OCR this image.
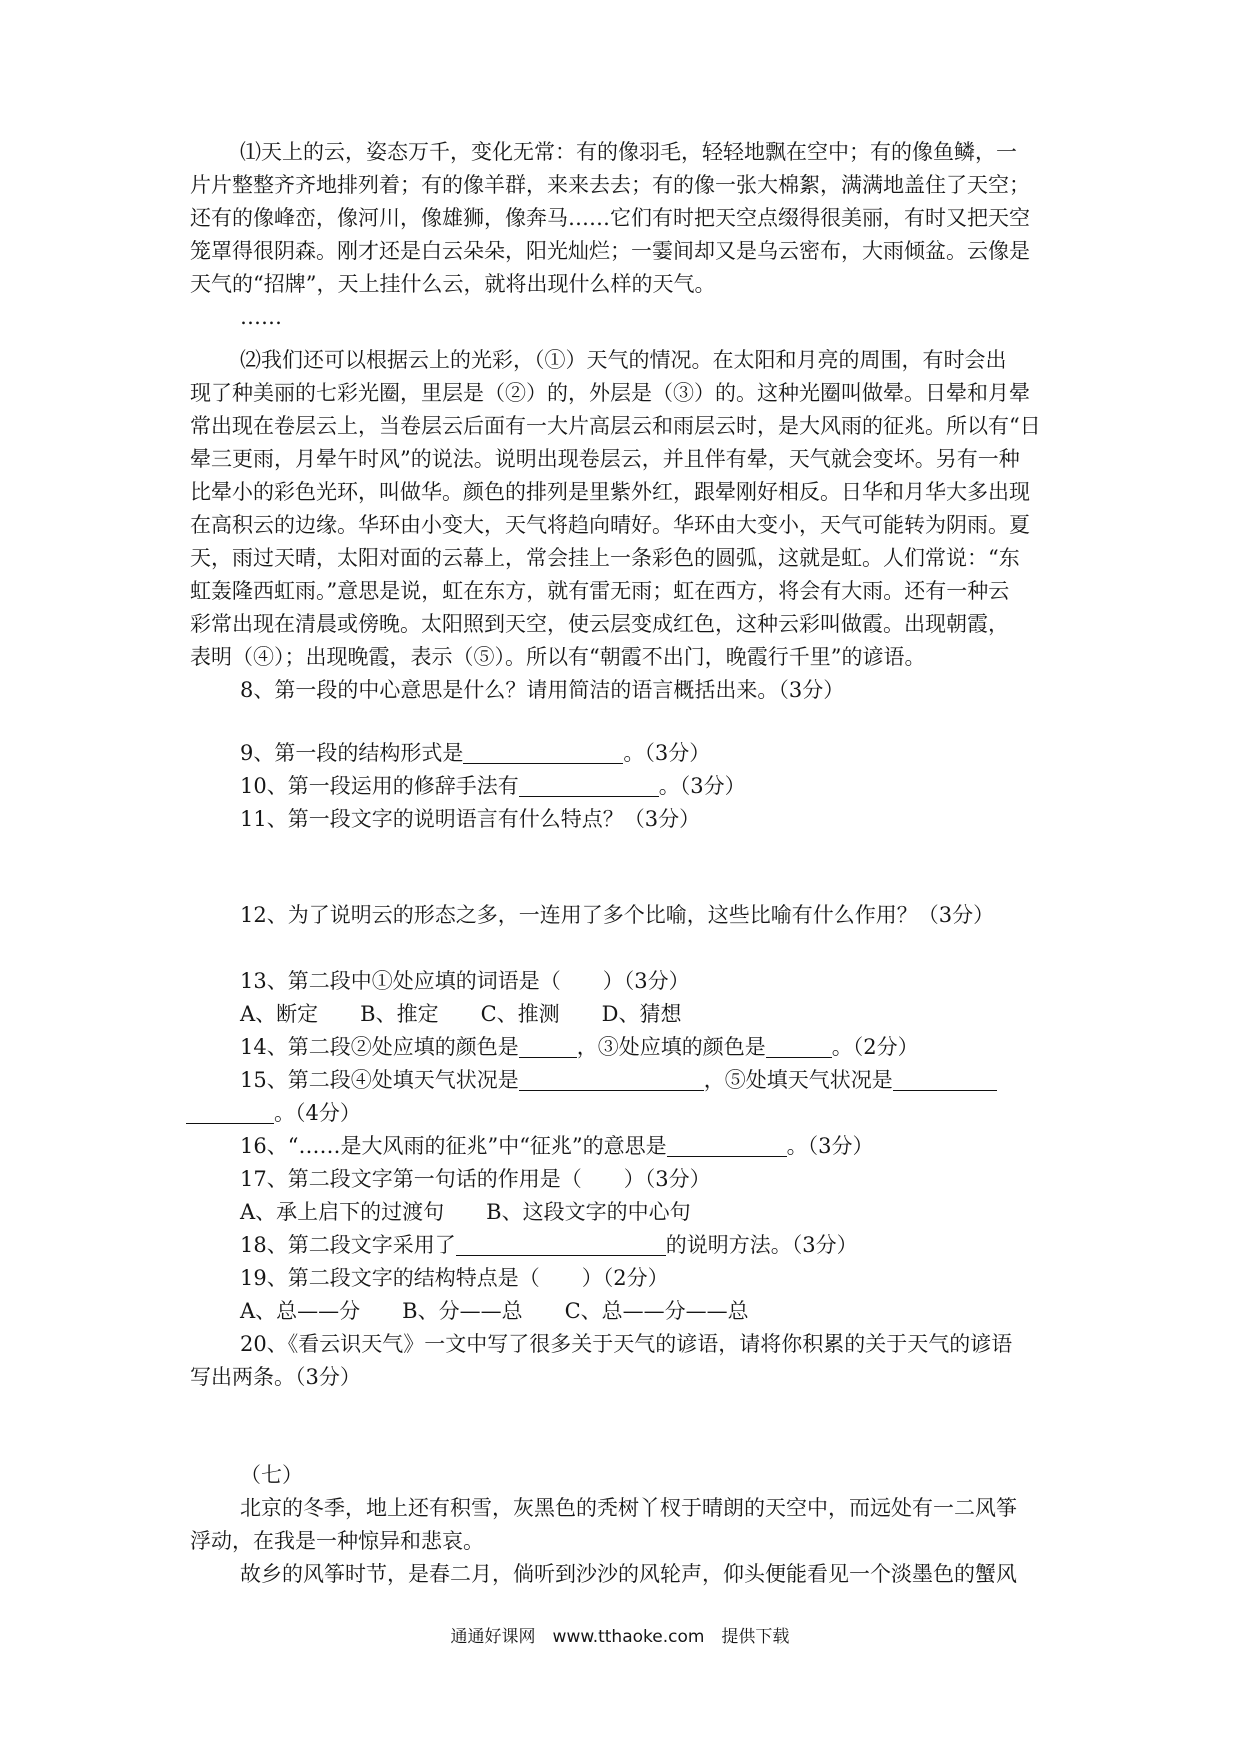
⑴天上的云，姿态万千，变化无常：有的像羽毛，轻轻地飘在空中；有的像鱼鳞，一

片片整整齐齐地排列着；有的像羊群，来来去去；有的像一张大棉絮，满满地盖住了天空；

还有的像峰峦，像河川，像雄狮，像奔马……它们有时把天空点缀得很美丽，有时又把天空

笼罩得很阴森。刚才还是白云朵朵，阳光灿烂；一霎间却又是乌云密布，大雨倾盆。云像是

天气的“招牌”，天上挂什么云，就将出现什么样的天气。

……

⑵我们还可以根据云上的光彩，（①）天气的情况。在太阳和月亮的周围，有时会出

现了种美丽的七彩光圈，里层是（②）的，外层是（③）的。这种光圈叫做晕。日晕和月晕

常出现在卷层云上，当卷层云后面有一大片高层云和雨层云时，是大风雨的征兆。所以有“日

晕三更雨，月晕午时风”的说法。说明出现卷层云，并且伴有晕，天气就会变坏。另有一种

比晕小的彩色光环，叫做华。颜色的排列是里紫外红，跟晕刚好相反。日华和月华大多出现

在高积云的边缘。华环由小变大，天气将趋向晴好。华环由大变小，天气可能转为阴雨。夏

天，雨过天晴，太阳对面的云幕上，常会挂上一条彩色的圆弧，这就是虹。人们常说：“东

虹轰隆西虹雨。”意思是说，虹在东方，就有雷无雨；虹在西方，将会有大雨。还有一种云

彩常出现在清晨或傍晚。太阳照到天空，使云层变成红色，这种云彩叫做霞。出现朝霞，

表明（④）；出现晚霞，表示（⑤）。所以有“朝霞不出门，晚霞行千里”的谚语。

8、第一段的中心意思是什么？请用简洁的语言概括出来。（3分）

9、第一段的结构形式是	。（3分）

10、第一段运用的修辞手法有	。（3分）

11、第一段文字的说明语言有什么特点？（3分）

12、为了说明云的形态之多，一连用了多个比喻，这些比喻有什么作用？（3分）

13、第二段中①处应填的词语是（　　）（3分）

A、断定　　B、推定　　C、推测　　D、猜想

14、第二段②处应填的颜色是	，③处应填的颜色是	。（2分）

15、第二段④处填天气状况是	，⑤处填天气状况是

。（4分）

16、“……是大风雨的征兆”中“征兆”的意思是	。（3分）

17、第二段文字第一句话的作用是（　　）（3分）

A、承上启下的过渡句　　B、这段文字的中心句

18、第二段文字采用了	的说明方法。（3分）

19、第二段文字的结构特点是（　　）（2分）

A、总——分　　B、分——总　　C、总——分——总

20、《看云识天气》一文中写了很多关于天气的谚语，请将你积累的关于天气的谚语

写出两条。（3分）

（七）

北京的冬季，地上还有积雪，灰黑色的秃树丫杈于晴朗的天空中，而远处有一二风筝

浮动，在我是一种惊异和悲哀。

故乡的风筝时节，是春二月，倘听到沙沙的风轮声，仰头便能看见一个淡墨色的蟹风

通通好课网　www.tthaoke.com　提供下载
